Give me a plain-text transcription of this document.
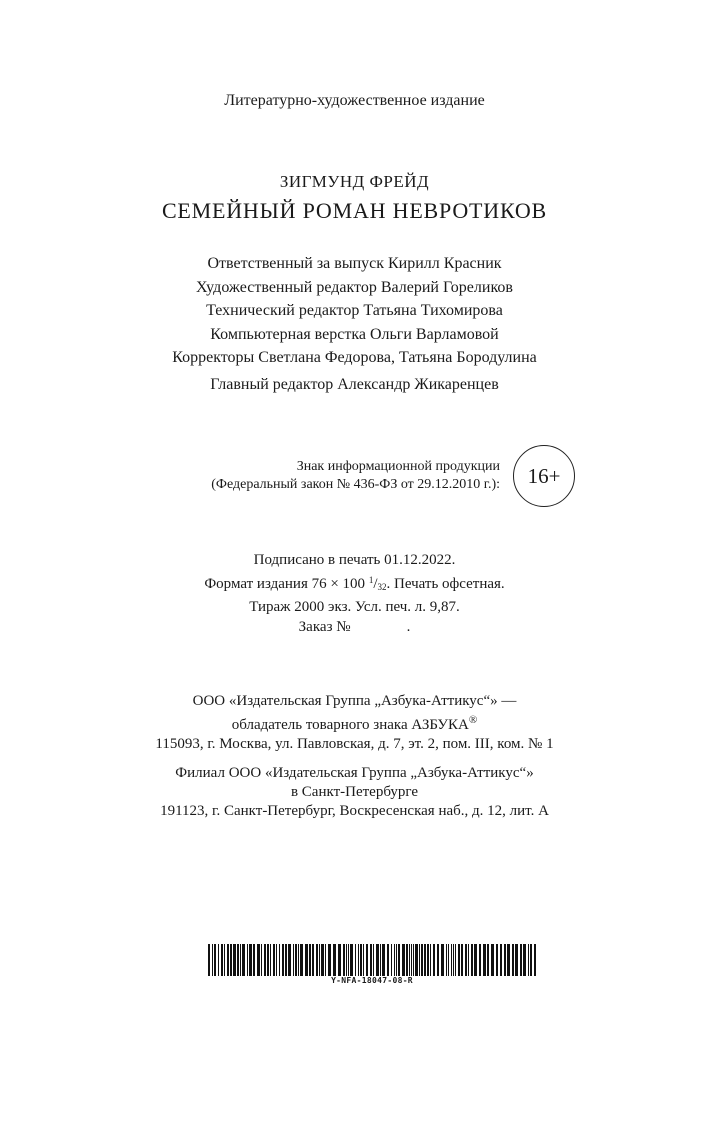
Литературно-художественное издание
ЗИГМУНД ФРЕЙД
СЕМЕЙНЫЙ РОМАН НЕВРОТИКОВ
Ответственный за выпуск Кирилл Красник
Художественный редактор Валерий Гореликов
Технический редактор Татьяна Тихомирова
Компьютерная верстка Ольги Варламовой
Корректоры Светлана Федорова, Татьяна Бородулина
Главный редактор Александр Жикаренцев
Знак информационной продукции
(Федеральный закон № 436-ФЗ от 29.12.2010 г.): 16+
Подписано в печать 01.12.2022.
Формат издания 76 × 100 $^1/_{32}$. Печать офсетная.
Тираж 2000 экз. Усл. печ. л. 9,87.
Заказ №	.
ООО «Издательская Группа „Азбука-Аттикус“» —
обладатель товарного знака АЗБУКА®
115093, г. Москва, ул. Павловская, д. 7, эт. 2, пом. III, ком. № 1
Филиал ООО «Издательская Группа „Азбука-Аттикус“»
в Санкт-Петербурге
191123, г. Санкт-Петербург, Воскресенская наб., д. 12, лит. А
Y-NFA-18047-08-R
